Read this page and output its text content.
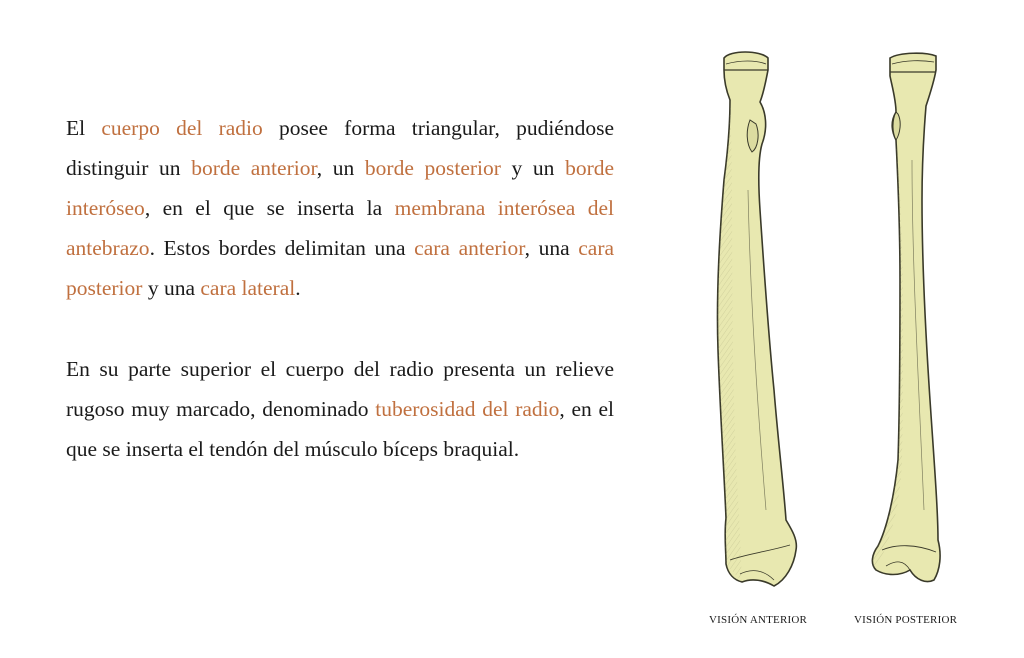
El cuerpo del radio posee forma triangular, pudiéndose distinguir un borde anterior, un borde posterior y un borde interóseo, en el que se inserta la membrana interósea del antebrazo. Estos bordes delimitan una cara anterior, una cara posterior y una cara lateral.

En su parte superior el cuerpo del radio presenta un relieve rugoso muy marcado, denominado tuberosidad del radio, en el que se inserta el tendón del músculo bíceps braquial.

VISIÓN ANTERIOR	VISIÓN POSTERIOR
